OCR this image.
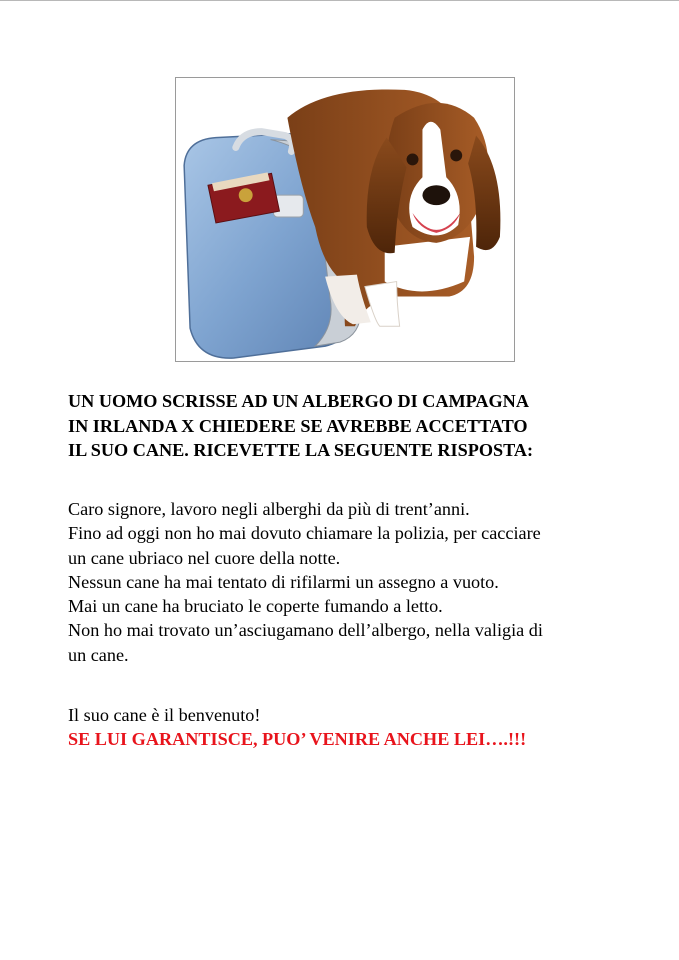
UN UOMO SCRISSE AD UN ALBERGO DI CAMPAGNA
IN IRLANDA X CHIEDERE SE AVREBBE ACCETTATO
IL SUO CANE. RICEVETTE LA SEGUENTE RISPOSTA:

Caro signore, lavoro negli alberghi da più di trent’anni.
Fino ad oggi non ho mai dovuto chiamare la polizia, per cacciare
un cane ubriaco nel cuore della notte.
Nessun cane ha mai tentato di rifilarmi un assegno a vuoto.
Mai un cane ha bruciato le coperte fumando a letto.
Non ho mai trovato un’asciugamano dell’albergo, nella valigia di
un cane.

Il suo cane è il benvenuto!

SE LUI GARANTISCE, PUO’ VENIRE ANCHE LEI….!!!
